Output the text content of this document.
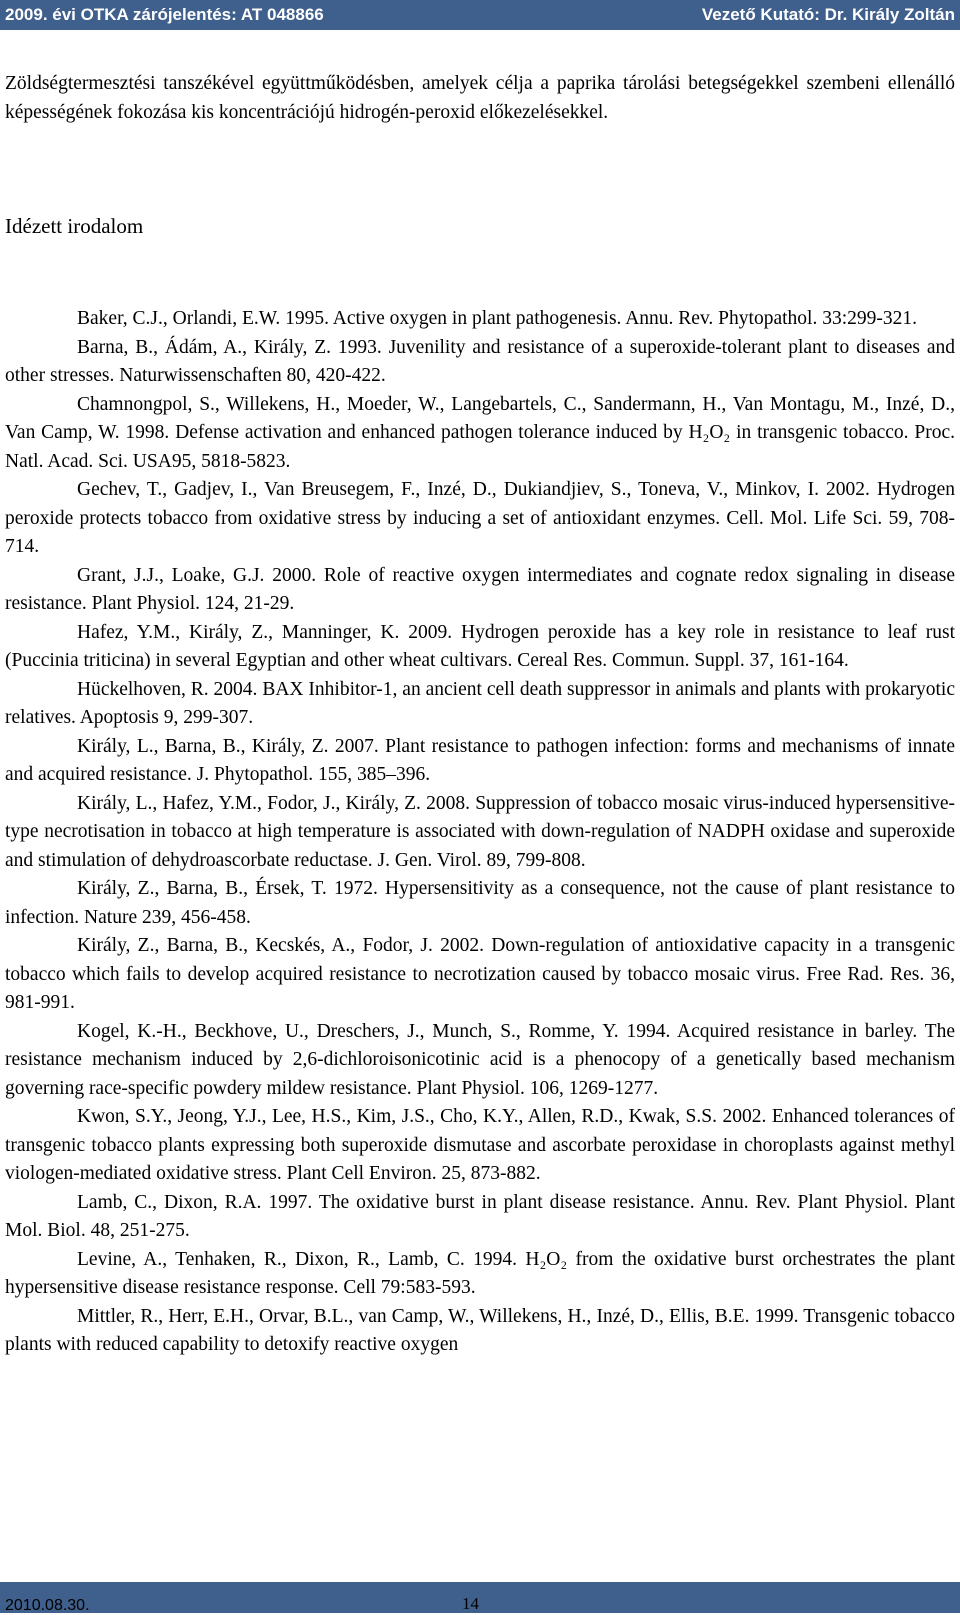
2009. évi OTKA zárójelentés: AT 048866	Vezető Kutató: Dr. Király Zoltán
Zöldségtermesztési tanszékével együttműködésben, amelyek célja a paprika tárolási betegségekkel szembeni ellenálló képességének fokozása kis koncentrációjú hidrogén-peroxid előkezelésekkel.
Idézett irodalom
Baker, C.J., Orlandi, E.W. 1995. Active oxygen in plant pathogenesis. Annu. Rev. Phytopathol. 33:299-321.
Barna, B., Ádám, A., Király, Z. 1993. Juvenility and resistance of a superoxide-tolerant plant to diseases and other stresses. Naturwissenschaften 80, 420-422.
Chamnongpol, S., Willekens, H., Moeder, W., Langebartels, C., Sandermann, H., Van Montagu, M., Inzé, D., Van Camp, W. 1998. Defense activation and enhanced pathogen tolerance induced by H₂O₂ in transgenic tobacco. Proc. Natl. Acad. Sci. USA95, 5818-5823.
Gechev, T., Gadjev, I., Van Breusegem, F., Inzé, D., Dukiandjiev, S., Toneva, V., Minkov, I. 2002. Hydrogen peroxide protects tobacco from oxidative stress by inducing a set of antioxidant enzymes. Cell. Mol. Life Sci. 59, 708-714.
Grant, J.J., Loake, G.J. 2000. Role of reactive oxygen intermediates and cognate redox signaling in disease resistance. Plant Physiol. 124, 21-29.
Hafez, Y.M., Király, Z., Manninger, K. 2009. Hydrogen peroxide has a key role in resistance to leaf rust (Puccinia triticina) in several Egyptian and other wheat cultivars. Cereal Res. Commun. Suppl. 37, 161-164.
Hückelhoven, R. 2004. BAX Inhibitor-1, an ancient cell death suppressor in animals and plants with prokaryotic relatives. Apoptosis 9, 299-307.
Király, L., Barna, B., Király, Z. 2007. Plant resistance to pathogen infection: forms and mechanisms of innate and acquired resistance. J. Phytopathol. 155, 385–396.
Király, L., Hafez, Y.M., Fodor, J., Király, Z. 2008. Suppression of tobacco mosaic virus-induced hypersensitive-type necrotisation in tobacco at high temperature is associated with down-regulation of NADPH oxidase and superoxide and stimulation of dehydroascorbate reductase. J. Gen. Virol. 89, 799-808.
Király, Z., Barna, B., Érsek, T. 1972. Hypersensitivity as a consequence, not the cause of plant resistance to infection. Nature 239, 456-458.
Király, Z., Barna, B., Kecskés, A., Fodor, J. 2002. Down-regulation of antioxidative capacity in a transgenic tobacco which fails to develop acquired resistance to necrotization caused by tobacco mosaic virus. Free Rad. Res. 36, 981-991.
Kogel, K.-H., Beckhove, U., Dreschers, J., Munch, S., Romme, Y. 1994. Acquired resistance in barley. The resistance mechanism induced by 2,6-dichloroisonicotinic acid is a phenocopy of a genetically based mechanism governing race-specific powdery mildew resistance. Plant Physiol. 106, 1269-1277.
Kwon, S.Y., Jeong, Y.J., Lee, H.S., Kim, J.S., Cho, K.Y., Allen, R.D., Kwak, S.S. 2002. Enhanced tolerances of transgenic tobacco plants expressing both superoxide dismutase and ascorbate peroxidase in choroplasts against methyl viologen-mediated oxidative stress. Plant Cell Environ. 25, 873-882.
Lamb, C., Dixon, R.A. 1997. The oxidative burst in plant disease resistance. Annu. Rev. Plant Physiol. Plant Mol. Biol. 48, 251-275.
Levine, A., Tenhaken, R., Dixon, R., Lamb, C. 1994. H₂O₂ from the oxidative burst orchestrates the plant hypersensitive disease resistance response. Cell 79:583-593.
Mittler, R., Herr, E.H., Orvar, B.L., van Camp, W., Willekens, H., Inzé, D., Ellis, B.E. 1999. Transgenic tobacco plants with reduced capability to detoxify reactive oxygen
2010.08.30.	14
